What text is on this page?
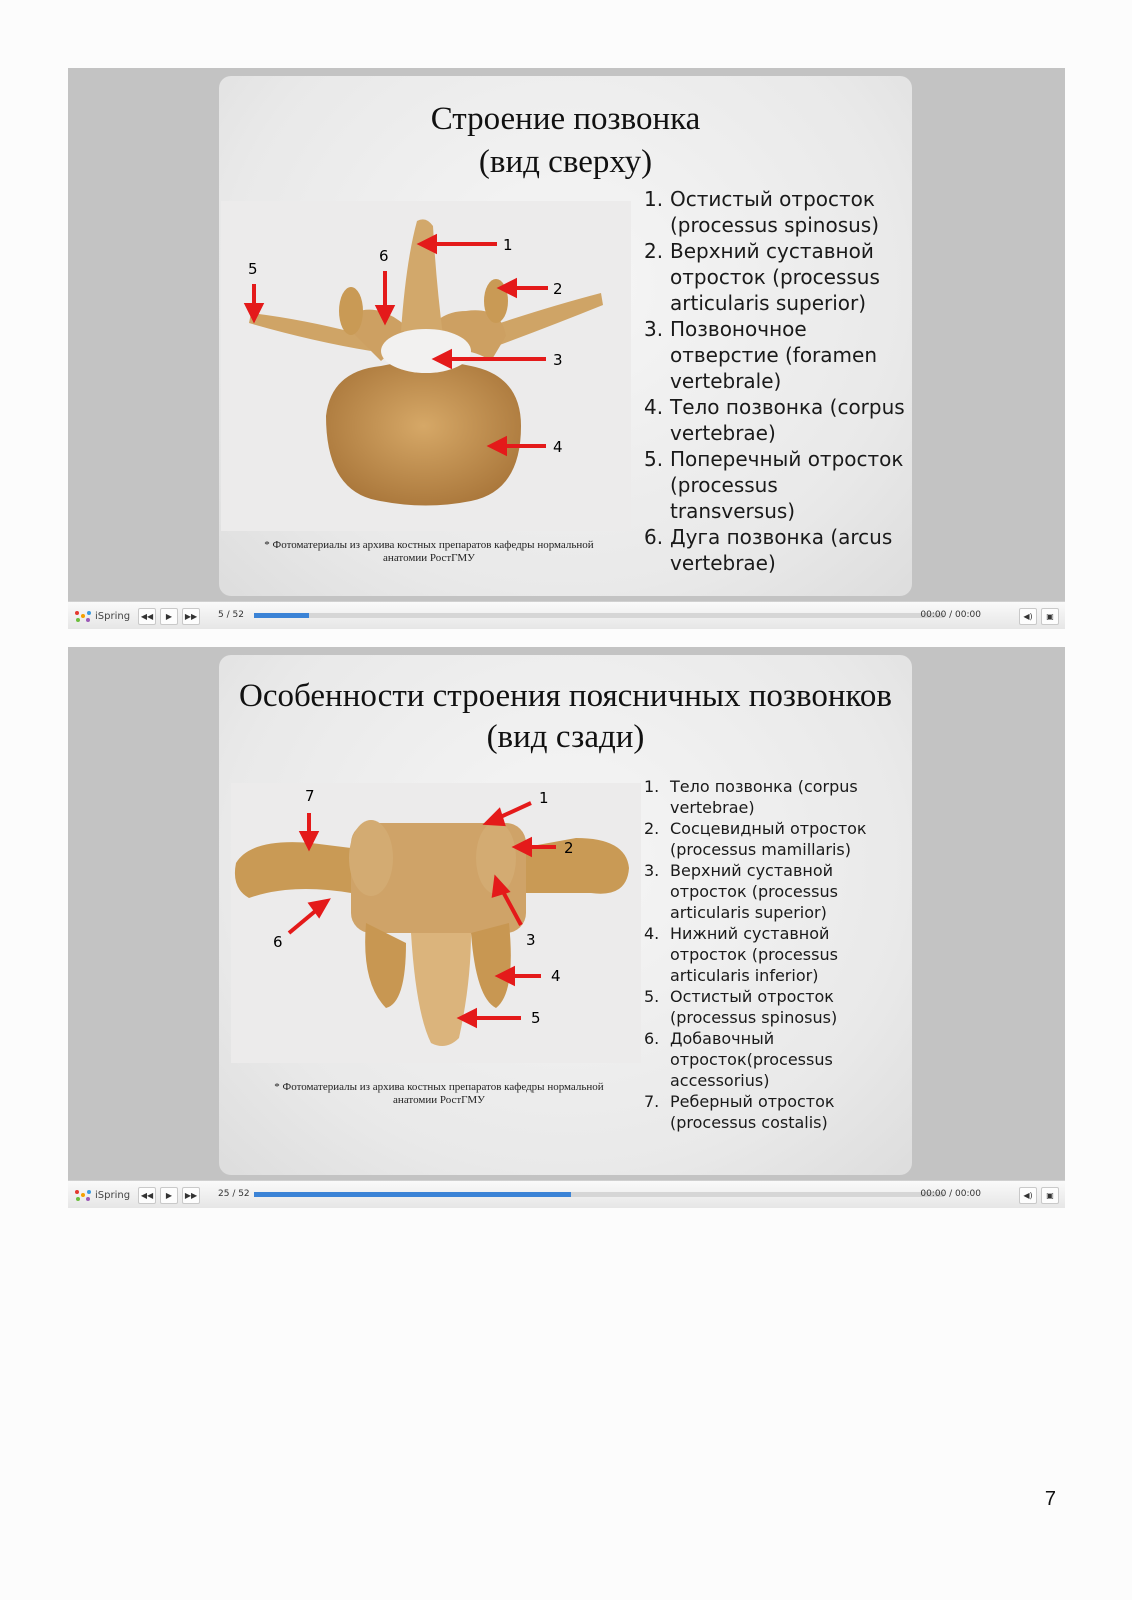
Строение позвонка
(вид сверху)
1
2
3
4
5
6
* Фотоматериалы из архива костных препаратов кафедры нормальной
анатомии РостГМУ
1. Остистый отросток (processus spinosus)
2. Верхний суставной отросток (processus articularis superior)
3. Позвоночное отверстие (foramen vertebrale)
4. Тело позвонка (corpus vertebrae)
5. Поперечный отросток (processus transversus)
6. Дуга позвонка (arcus vertebrae)
iSpring	◀◀	▶	▶▶	5 / 52	00:00 / 00:00	◀)	▣
Особенности строения поясничных позвонков
(вид сзади)
1
2
3
4
5
6
7
* Фотоматериалы из архива костных препаратов кафедры нормальной
анатомии РостГМУ
1. Тело позвонка (corpus vertebrae)
2. Сосцевидный отросток (processus mamillaris)
3. Верхний суставной отросток (processus articularis superior)
4. Нижний суставной отросток (processus articularis inferior)
5. Остистый отросток (processus spinosus)
6. Добавочный отросток(processus accessorius)
7. Реберный отросток (processus costalis)
iSpring	◀◀	▶	▶▶	25 / 52	00:00 / 00:00	◀)	▣
7
